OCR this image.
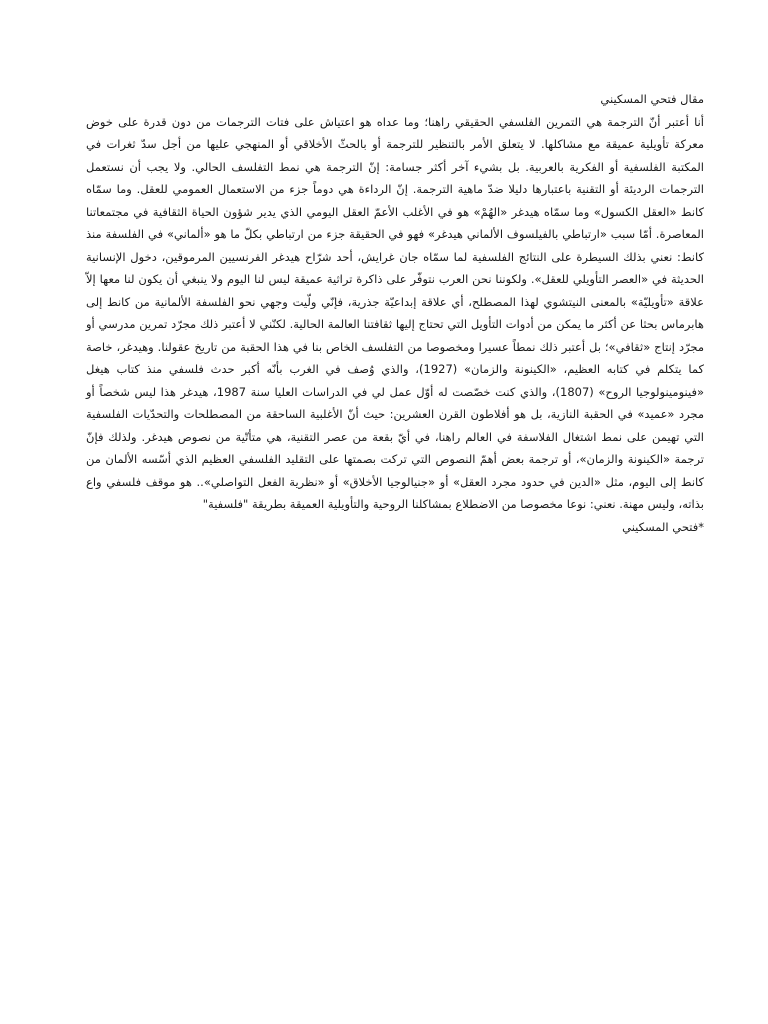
مقال فتحي المسكيني

أنا أعتبر أنّ الترجمة هي التمرين الفلسفي الحقيقي راهنا؛ وما عداه هو اعتياش على فتات الترجمات من دون قدرة على خوض معركة تأويلية عميقة مع مشاكلها. لا يتعلق الأمر بالتنظير للترجمة أو بالحثّ الأخلاقي أو المنهجي عليها من أجل سدّ ثغرات في المكتبة الفلسفية أو الفكرية بالعربية. بل بشيء آخر أكثر جسامة: إنّ الترجمة هي نمط التفلسف الحالي. ولا يجب أن نستعمل الترجمات الرديئة أو التقنية باعتبارها دليلا ضدّ ماهية الترجمة. إنّ الرداءة هي دوماً جزء من الاستعمال العمومي للعقل. وما سمّاه كانط «العقل الكسول» وما سمّاه هيدغر «الهُمْ» هو في الأغلب الأعمّ العقل اليومي الذي يدير شؤون الحياة الثقافية في مجتمعاتنا المعاصرة. أمّا سبب «ارتباطي بالفيلسوف الألماني هيدغر» فهو في الحقيقة جزء من ارتباطي بكلّ ما هو «ألماني» في الفلسفة منذ كانط: نعني بذلك السيطرة على النتائج الفلسفية لما سمّاه جان غرايش، أحد شرّاح هيدغر الفرنسيين المرموقين، دخول الإنسانية الحديثة في «العصر التأويلي للعقل». ولكوننا نحن العرب نتوفّر على ذاكرة تراثية عميقة ليس لنا اليوم ولا ينبغي أن يكون لنا معها إلاّ علاقة «تأويليّة» بالمعنى النيتشوي لهذا المصطلح، أي علاقة إبداعيّة جذرية، فإنّي ولّيت وجهي نحو الفلسفة الألمانية من كانط إلى هابرماس بحثا عن أكثر ما يمكن من أدوات التأويل التي تحتاج إليها ثقافتنا العالمة الحالية. لكنّني لا أعتبر ذلك مجرّد تمرين مدرسي أو مجرّد إنتاج «ثقافي»؛ بل أعتبر ذلك نمطاً عسيرا ومخصوصا من التفلسف الخاص بنا في هذا الحقبة من تاريخ عقولنا. وهيدغر، خاصة كما يتكلم في كتابه العظيم، «الكينونة والزمان» (1927)، والذي وُصف في الغرب بأنّه أكبر حدث فلسفي منذ كتاب هيغل «فينومينولوجيا الروح» (1807)، والذي كنت خصّصت له أوّل عمل لي في الدراسات العليا سنة 1987، هيدغر هذا ليس شخصاً أو مجرد «عميد» في الحقبة النازية، بل هو أفلاطون القرن العشرين: حيث أنّ الأغلبية الساحقة من المصطلحات والتحدّيات الفلسفية التي تهيمن على نمط اشتغال الفلاسفة في العالم راهنا، في أيّ بقعة من عصر التقنية، هي متأتّية من نصوص هيدغر. ولذلك فإنّ ترجمة «الكينونة والزمان»، أو ترجمة بعض أهمّ النصوص التي تركت بصمتها على التقليد الفلسفي العظيم الذي أسّسه الألمان من كانط إلى اليوم، مثل «الدين في حدود مجرد العقل» أو «جنيالوجيا الأخلاق» أو «نظرية الفعل التواصلي».. هو موقف فلسفي واع بذاته، وليس مهنة. نعني: نوعا مخصوصا من الاضطلاع بمشاكلنا الروحية والتأويلية العميقة بطريقة "فلسفية"

*فتحي المسكيني
